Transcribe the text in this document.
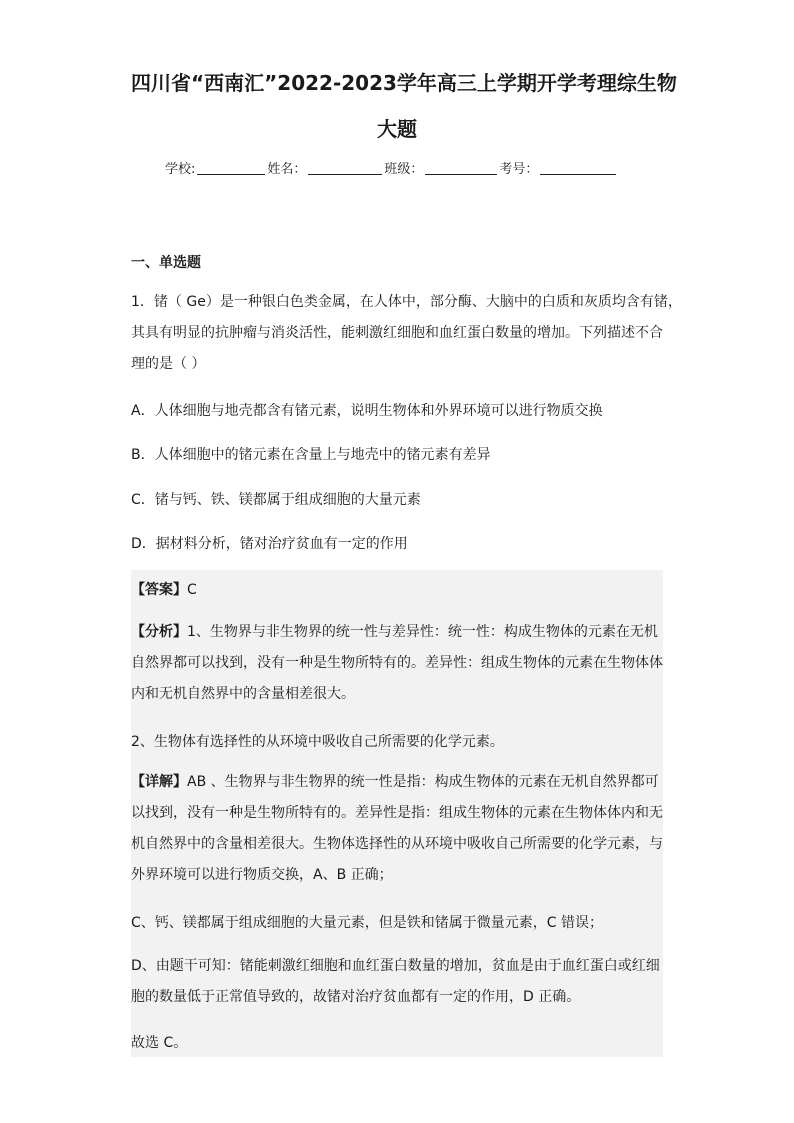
四川省“西南汇”2022-2023学年高三上学期开学考理综生物
大题
学校:	姓名：	班级：	考号：
一、单选题
1．锗（ Ge）是一种银白色类金属，在人体中，部分酶、大脑中的白质和灰质均含有锗，
其具有明显的抗肿瘤与消炎活性，能刺激红细胞和血红蛋白数量的增加。下列描述不合
理的是（ ）
A．人体细胞与地壳都含有锗元素，说明生物体和外界环境可以进行物质交换
B．人体细胞中的锗元素在含量上与地壳中的锗元素有差异
C．锗与钙、铁、镁都属于组成细胞的大量元素
D．据材料分析，锗对治疗贫血有一定的作用
【答案】C
【分析】1、生物界与非生物界的统一性与差异性：统一性：构成生物体的元素在无机
自然界都可以找到，没有一种是生物所特有的。差异性：组成生物体的元素在生物体体
内和无机自然界中的含量相差很大。
2、生物体有选择性的从环境中吸收自己所需要的化学元素。
【详解】AB 、生物界与非生物界的统一性是指：构成生物体的元素在无机自然界都可
以找到，没有一种是生物所特有的。差异性是指：组成生物体的元素在生物体体内和无
机自然界中的含量相差很大。生物体选择性的从环境中吸收自己所需要的化学元素，与
外界环境可以进行物质交换，A、B 正确；
C、钙、镁都属于组成细胞的大量元素，但是铁和锗属于微量元素，C 错误；
D、由题干可知：锗能刺激红细胞和血红蛋白数量的增加，贫血是由于血红蛋白或红细
胞的数量低于正常值导致的，故锗对治疗贫血都有一定的作用，D 正确。
故选 C。
